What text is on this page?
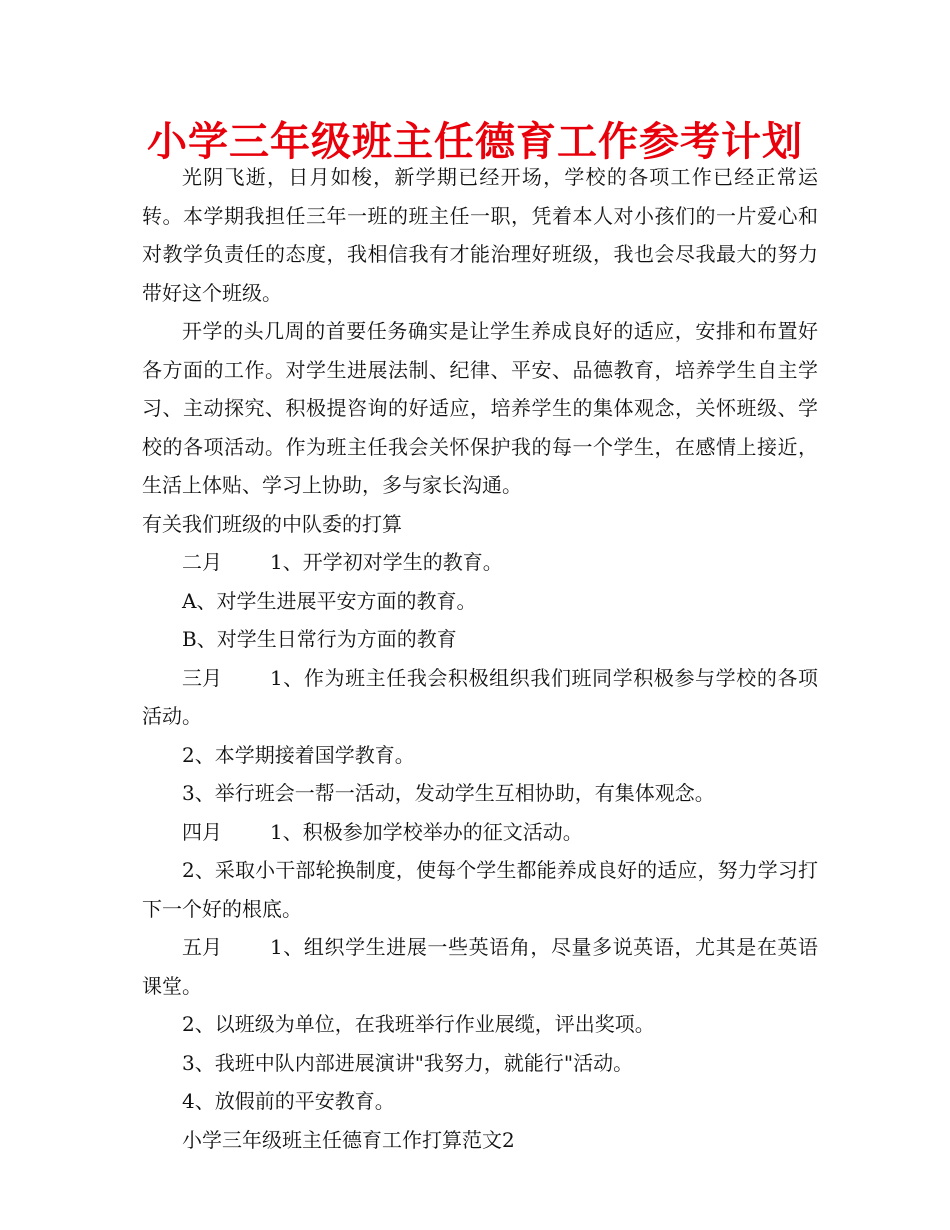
小学三年级班主任德育工作参考计划

光阴飞逝，日月如梭，新学期已经开场，学校的各项工作已经正常运转。本学期我担任三年一班的班主任一职，凭着本人对小孩们的一片爱心和对教学负责任的态度，我相信我有才能治理好班级，我也会尽我最大的努力带好这个班级。

开学的头几周的首要任务确实是让学生养成良好的适应，安排和布置好各方面的工作。对学生进展法制、纪律、平安、品德教育，培养学生自主学习、主动探究、积极提咨询的好适应，培养学生的集体观念，关怀班级、学校的各项活动。作为班主任我会关怀保护我的每一个学生，在感情上接近，生活上体贴、学习上协助，多与家长沟通。

有关我们班级的中队委的打算

二月 1、开学初对学生的教育。

A、对学生进展平安方面的教育。

B、对学生日常行为方面的教育

三月 1、作为班主任我会积极组织我们班同学积极参与学校的各项活动。

2、本学期接着国学教育。

3、举行班会一帮一活动，发动学生互相协助，有集体观念。

四月 1、积极参加学校举办的征文活动。

2、采取小干部轮换制度，使每个学生都能养成良好的适应，努力学习打下一个好的根底。

五月 1、组织学生进展一些英语角，尽量多说英语，尤其是在英语课堂。

2、以班级为单位，在我班举行作业展缆，评出奖项。

3、我班中队内部进展演讲"我努力，就能行"活动。

4、放假前的平安教育。

小学三年级班主任德育工作打算范文2
